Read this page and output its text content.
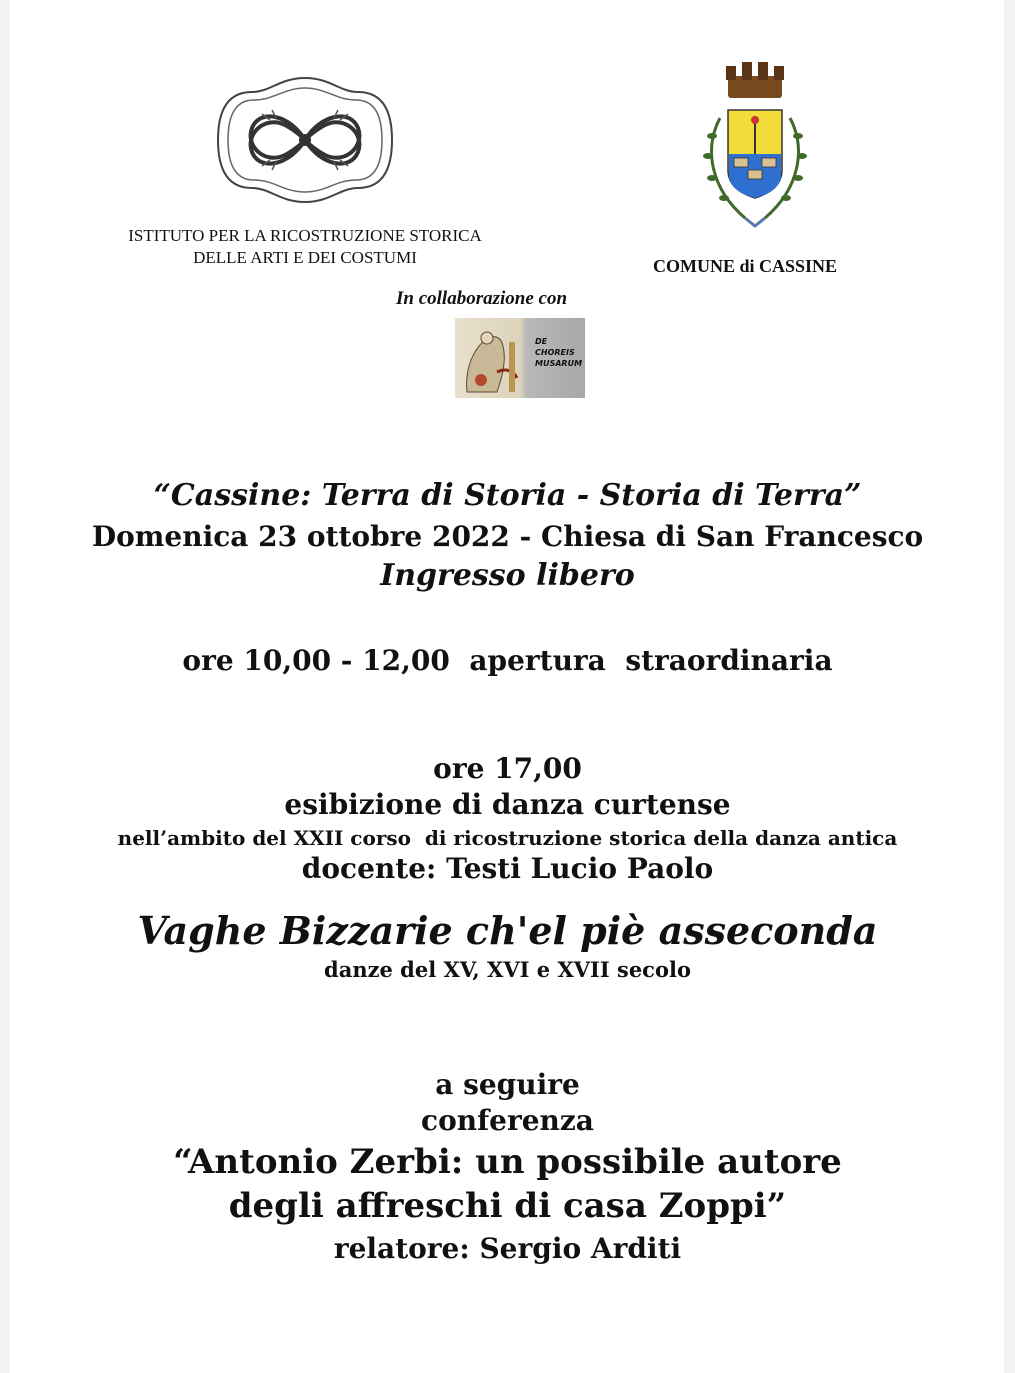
ISTITUTO PER LA RICOSTRUZIONE STORICA
DELLE ARTI E DEI COSTUMI	COMUNE di CASSINE
In collaborazione con
DE
CHOREIS
MUSARUM
“Cassine: Terra di Storia - Storia di Terra”
Domenica 23 ottobre 2022 - Chiesa di San Francesco
Ingresso libero
ore 10,00 - 12,00  apertura  straordinaria
ore 17,00
esibizione di danza curtense
nell’ambito del XXII corso  di ricostruzione storica della danza antica
docente: Testi Lucio Paolo
Vaghe Bizzarie ch'el piè asseconda
danze del XV, XVI e XVII secolo
a seguire
conferenza
“Antonio Zerbi: un possibile autore
degli affreschi di casa Zoppi”
relatore: Sergio Arditi
